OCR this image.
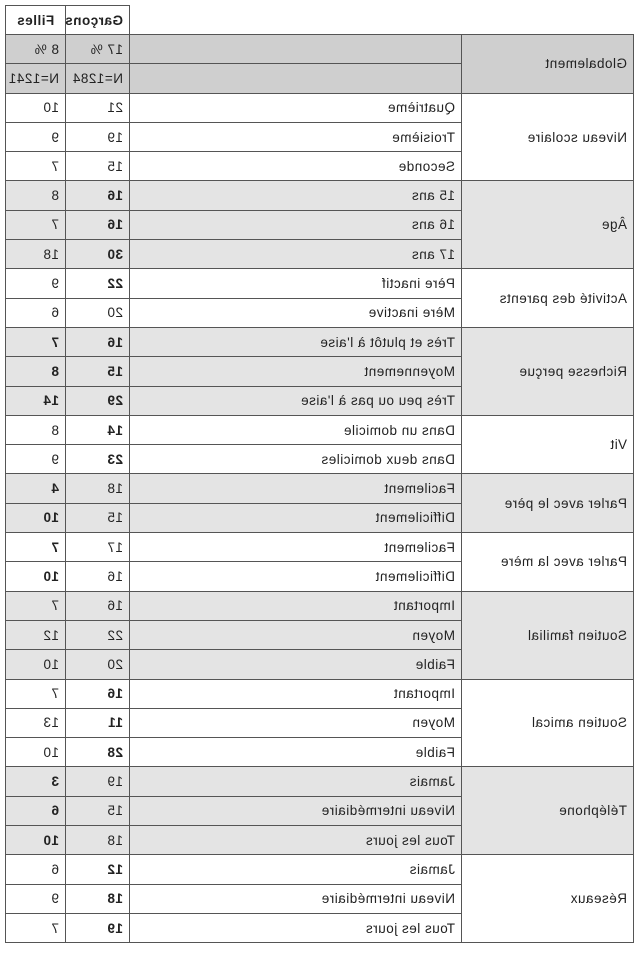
			Garçons	Filles
Globalement			17 %	8 %
			N=1284	N=1241
Niveau scolaire	Quatrième		21	10
	Troisième		19	9
	Seconde		15	7
Âge	15 ans		16	8
	16 ans		16	7
	17 ans		30	18
Activité des parents	Père inactif		22	9
	Mère inactive		20	6
Richesse perçue	Très et plutôt à l'aise		16	7
	Moyennement		15	8
	Très peu ou pas à l'aise		29	14
Vit	Dans un domicile		14	8
	Dans deux domiciles		23	9
Parler avec le père	Facilement		18	4
	Difficilement		15	10
Parler avec la mère	Facilement		17	7
	Difficilement		16	10
Soutien familial	Important		16	7
	Moyen		22	12
	Faible		20	10
Soutien amical	Important		16	7
	Moyen		11	13
	Faible		28	10
Téléphone	Jamais		19	3
	Niveau intermédiaire		15	6
	Tous les jours		18	10
Réseaux	Jamais		12	6
	Niveau intermédiaire		18	9
	Tous les jours		19	7
